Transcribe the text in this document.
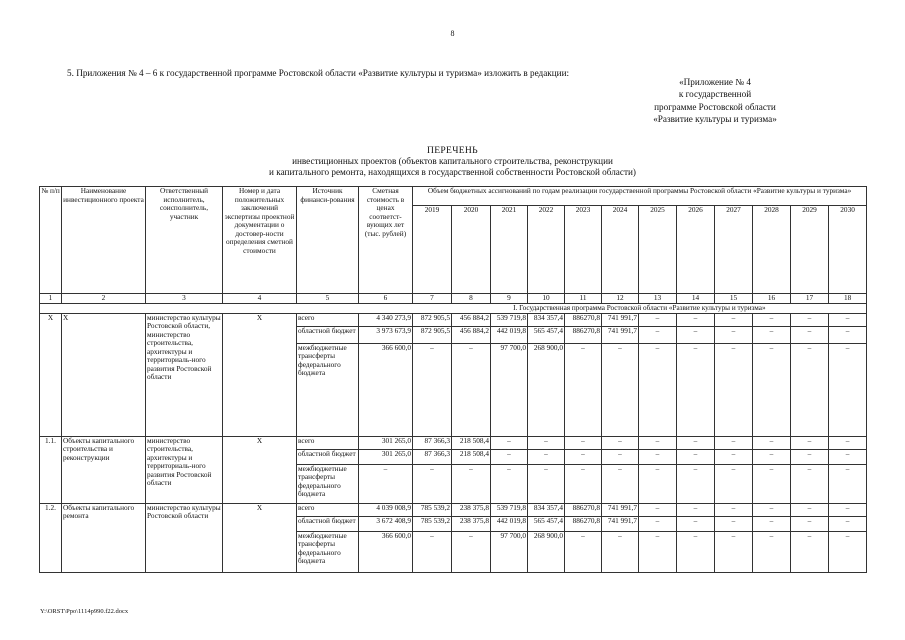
8
5. Приложения № 4 – 6 к государственной программе Ростовской области «Развитие культуры и туризма» изложить в редакции:
«Приложение № 4
к государственной
программе Ростовской области
«Развитие культуры и туризма»
ПЕРЕЧЕНЬ
инвестиционных проектов (объектов капитального строительства, реконструкции
и капитального ремонта, находящихся в государственной собственности Ростовской области)
№ п/п	Наименование инвестиционного проекта	Ответственный исполнитель, соисполнитель, участник	Номер и дата положительных заключений экспертизы проектной документации о достовер-ности определения сметной стоимости	Источник финанси-рования	Сметная стоимость в ценах соответст-вующих лет (тыс. рублей)	Объем бюджетных ассигнований по годам реализации государственной программы Ростовской области «Развитие культуры и туризма»											
						2019	2020	2021	2022	2023	2024	2025	2026	2027	2028	2029	2030
1	2	3	4	5	6	7	8	9	10	11	12	13	14	15	16	17	18
						I. Государственная программа Ростовской области «Развитие культуры и туризма»											
X	Х	министерство культуры Ростовской области, министерство строительства, архитектуры и территориаль-ного развития Ростовской области	Х	всего	4 340 273,9	872 905,5	456 884,2	539 719,8	834 357,4	886270,8	741 991,7	–	–	–	–	–	–
				областной бюджет	3 973 673,9	872 905,5	456 884,2	442 019,8	565 457,4	886270,8	741 991,7	–	–	–	–	–	–
				межбюджетные трансферты федерального бюджета	366 600,0	–	–	97 700,0	268 900,0	–	–	–	–	–	–	–	–
1.1.	Объекты капитального строительства и реконструкции	министерство строительства, архитектуры и территориаль-ного развития Ростовской области	Х	всего	301 265,0	87 366,3	218 508,4	–	–	–	–	–	–	–	–	–	–
				областной бюджет	301 265,0	87 366,3	218 508,4	–	–	–	–	–	–	–	–	–	–
				межбюджетные трансферты федерального бюджета	–	–	–	–	–	–	–	–	–	–	–	–	–
1.2.	Объекты капитального ремонта	министерство культуры Ростовской области	Х	всего	4 039 008,9	785 539,2	238 375,8	539 719,8	834 357,4	886270,8	741 991,7	–	–	–	–	–	–
				областной бюджет	3 672 408,9	785 539,2	238 375,8	442 019,8	565 457,4	886270,8	741 991,7	–	–	–	–	–	–
				межбюджетные трансферты федерального бюджета	366 600,0	–	–	97 700,0	268 900,0	–	–	–	–	–	–	–	–
Y:\ORST\Ppo\1114p990.f22.docx
